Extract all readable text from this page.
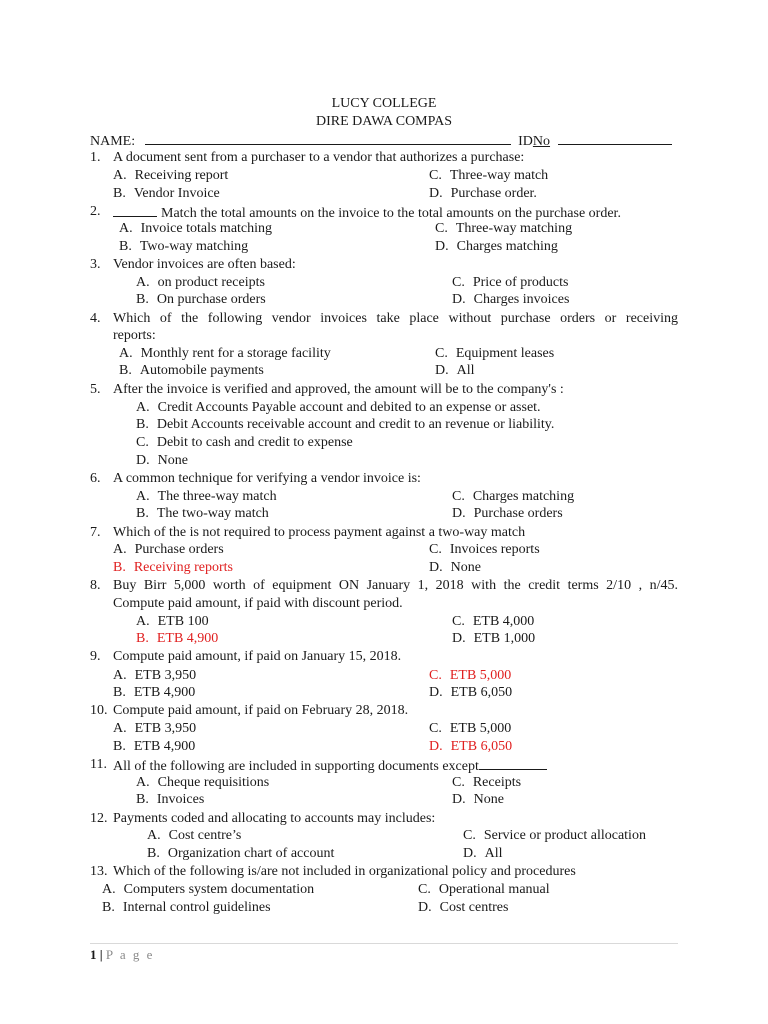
LUCY COLLEGE
DIRE DAWA COMPAS
NAME:	IDNo
1. A document sent from a purchaser to a vendor that authorizes a purchase:
A. Receiving report
B. Vendor Invoice
C. Three-way match
D. Purchase order.
2.	Match the total amounts on the invoice to the total amounts on the purchase order.
A. Invoice totals matching
B. Two-way matching
C. Three-way matching
D. Charges matching
3. Vendor invoices are often based:
A. on product receipts
B. On purchase orders
C. Price of products
D. Charges invoices
4. Which of the following vendor invoices take place without purchase orders or receiving
reports:
A. Monthly rent for a storage facility
B. Automobile payments
C. Equipment leases
D. All
5. After the invoice is verified and approved, the amount will be to the company's :
A. Credit Accounts Payable account and debited to an expense or asset.
B. Debit Accounts receivable account and credit to an revenue or liability.
C. Debit to cash and credit to expense
D. None
6. A common technique for verifying a vendor invoice is:
A. The three-way match
B. The two-way match
C. Charges matching
D. Purchase orders
7. Which of the is not required to process payment against a two-way match
A. Purchase orders
B. Receiving reports
C. Invoices reports
D. None
8. Buy Birr 5,000 worth of equipment ON January 1, 2018 with the credit terms 2/10 , n/45.
Compute paid amount, if paid with discount period.
A. ETB 100
B. ETB 4,900
C. ETB 4,000
D. ETB 1,000
9. Compute paid amount, if paid on January 15, 2018.
A. ETB 3,950
B. ETB 4,900
C. ETB 5,000
D. ETB 6,050
10. Compute paid amount, if paid on February 28, 2018.
A. ETB 3,950
B. ETB 4,900
C. ETB 5,000
D. ETB 6,050
11. All of the following are included in supporting documents except
A. Cheque requisitions
B. Invoices
C. Receipts
D. None
12. Payments coded and allocating to accounts may includes:
A. Cost centre’s
B. Organization chart of account
C. Service or product allocation
D. All
13. Which of the following is/are not included in organizational policy and procedures
A. Computers system documentation
B. Internal control guidelines
C. Operational manual
D. Cost centres
1 | P a g e
